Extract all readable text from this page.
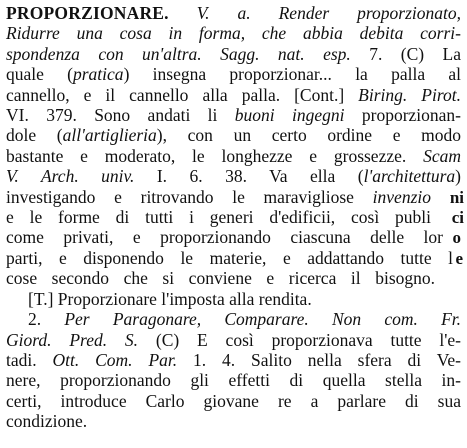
PROPORZIONARE. V. a. Render proporzionato,
Ridurre una cosa in forma, che abbia debita corri-
spondenza con un'altra. Sagg. nat. esp. 7. (C) La
quale (pratica) insegna proporzionar... la palla al
cannello, e il cannello alla palla. [Cont.] Biring. Pirot.
VI. 379. Sono andati li buoni ingegni proporzionan-
dole (all'artiglieria), con un certo ordine e modo
bastante e moderato, le longhezze e grossezze. Scam
V. Arch. univ. I. 6. 38. Va ella (l'architettura)
investigando e ritrovando le maravigliose invenzio
e le forme di tutti i generi d'edificii, così publi
come privati, e proporzionando ciascuna delle lor
parti, e disponendo le materie, e addattando tutte l
cose secondo che si conviene e ricerca il bisogno.
[T.] Proporzionare l'imposta alla rendita.
2. Per Paragonare, Comparare. Non com. Fr.
Giord. Pred. S. (C) E così proporzionava tutte l'e-
tadi. Ott. Com. Par. 1. 4. Salito nella sfera di Ve-
nere, proporzionando gli effetti di quella stella in-
certi, introduce Carlo giovane re a parlare di sua
condizione.
ni
ci
o
e
